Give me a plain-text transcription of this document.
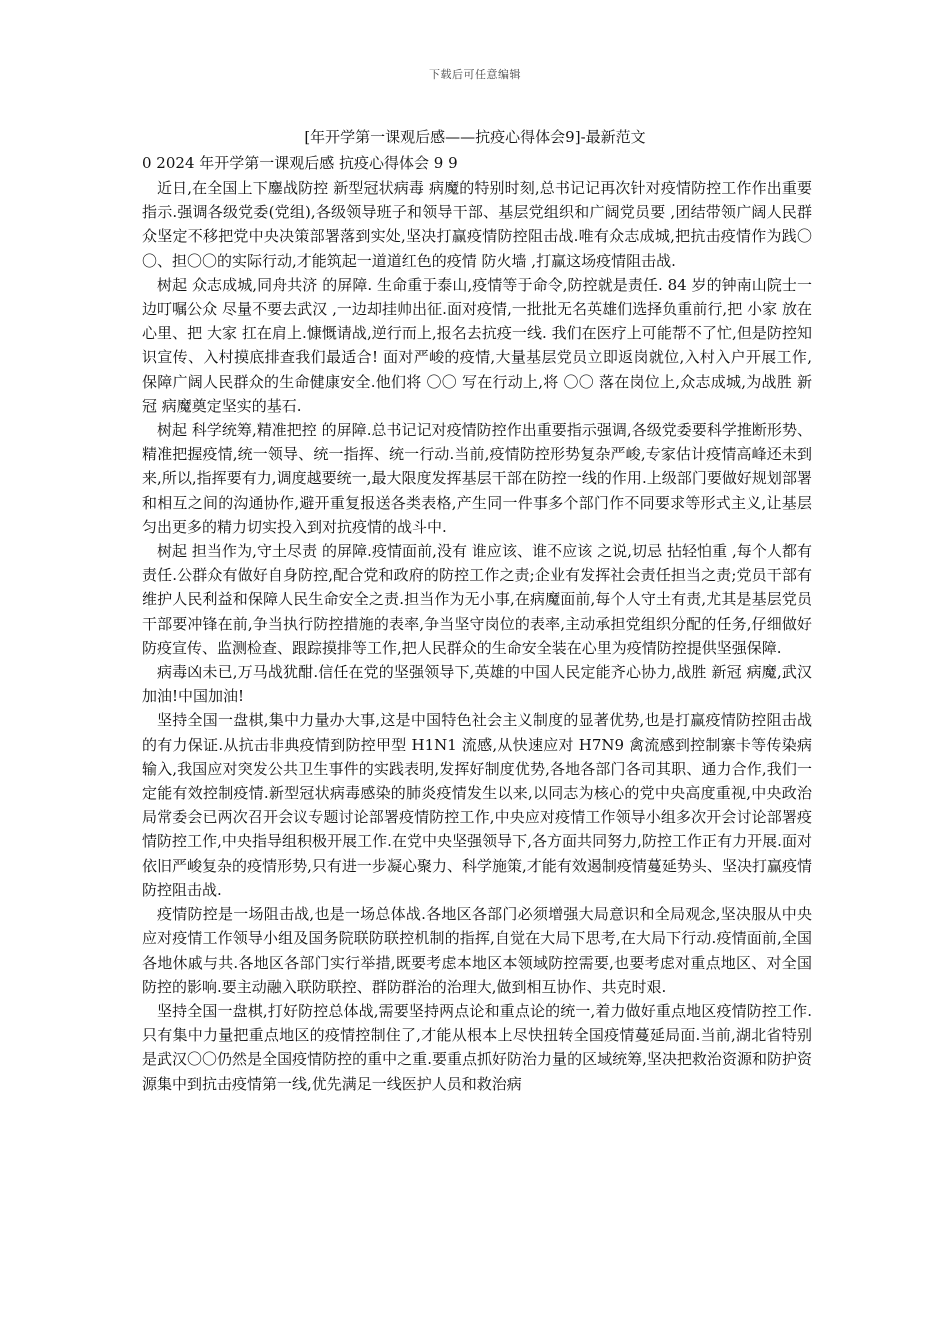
下载后可任意编辑
[年开学第一课观后感——抗疫心得体会9]-最新范文
0 2024 年开学第一课观后感 抗疫心得体会 9 9

近日,在全国上下鏖战防控 新型冠状病毒 病魔的特别时刻,总书记记再次针对疫情防控工作作出重要指示.强调各级党委(党组),各级领导班子和领导干部、基层党组织和广阔党员要 ,团结带领广阔人民群众坚定不移把党中央决策部署落到实处,坚决打赢疫情防控阻击战.唯有众志成城,把抗击疫情作为践〇〇、担〇〇的实际行动,才能筑起一道道红色的疫情 防火墙 ,打赢这场疫情阻击战.

树起 众志成城,同舟共济 的屏障. 生命重于泰山,疫情等于命令,防控就是责任. 84 岁的钟南山院士一边叮嘱公众 尽量不要去武汉 ,一边却挂帅出征.面对疫情,一批批无名英雄们选择负重前行,把 小家 放在心里、把 大家 扛在肩上.慷慨请战,逆行而上,报名去抗疫一线. 我们在医疗上可能帮不了忙,但是防控知识宣传、入村摸底排查我们最适合! 面对严峻的疫情,大量基层党员立即返岗就位,入村入户开展工作,保障广阔人民群众的生命健康安全.他们将 〇〇 写在行动上,将 〇〇 落在岗位上,众志成城,为战胜 新冠 病魔奠定坚实的基石.

树起 科学统筹,精准把控 的屏障.总书记记对疫情防控作出重要指示强调,各级党委要科学推断形势、精准把握疫情,统一领导、统一指挥、统一行动.当前,疫情防控形势复杂严峻,专家估计疫情高峰还未到来,所以,指挥要有力,调度越要统一,最大限度发挥基层干部在防控一线的作用.上级部门要做好规划部署和相互之间的沟通协作,避开重复报送各类表格,产生同一件事多个部门作不同要求等形式主义,让基层匀出更多的精力切实投入到对抗疫情的战斗中.

树起 担当作为,守土尽责 的屏障.疫情面前,没有 谁应该、谁不应该 之说,切忌 拈轻怕重 ,每个人都有责任.公群众有做好自身防控,配合党和政府的防控工作之责;企业有发挥社会责任担当之责;党员干部有维护人民利益和保障人民生命安全之责.担当作为无小事,在病魔面前,每个人守土有责,尤其是基层党员干部要冲锋在前,争当执行防控措施的表率,争当坚守岗位的表率,主动承担党组织分配的任务,仔细做好防疫宣传、监测检查、跟踪摸排等工作,把人民群众的生命安全装在心里为疫情防控提供坚强保障.

病毒凶未已,万马战犹酣.信任在党的坚强领导下,英雄的中国人民定能齐心协力,战胜 新冠 病魔,武汉加油!中国加油!

坚持全国一盘棋,集中力量办大事,这是中国特色社会主义制度的显著优势,也是打赢疫情防控阻击战的有力保证.从抗击非典疫情到防控甲型 H1N1 流感,从快速应对 H7N9 禽流感到控制寨卡等传染病输入,我国应对突发公共卫生事件的实践表明,发挥好制度优势,各地各部门各司其职、通力合作,我们一定能有效控制疫情.新型冠状病毒感染的肺炎疫情发生以来,以同志为核心的党中央高度重视,中央政治局常委会已两次召开会议专题讨论部署疫情防控工作,中央应对疫情工作领导小组多次开会讨论部署疫情防控工作,中央指导组积极开展工作.在党中央坚强领导下,各方面共同努力,防控工作正有力开展.面对依旧严峻复杂的疫情形势,只有进一步凝心聚力、科学施策,才能有效遏制疫情蔓延势头、坚决打赢疫情防控阻击战.

疫情防控是一场阻击战,也是一场总体战.各地区各部门必须增强大局意识和全局观念,坚决服从中央应对疫情工作领导小组及国务院联防联控机制的指挥,自觉在大局下思考,在大局下行动.疫情面前,全国各地休戚与共.各地区各部门实行举措,既要考虑本地区本领域防控需要,也要考虑对重点地区、对全国防控的影响.要主动融入联防联控、群防群治的治理大,做到相互协作、共克时艰.

坚持全国一盘棋,打好防控总体战,需要坚持两点论和重点论的统一,着力做好重点地区疫情防控工作.只有集中力量把重点地区的疫情控制住了,才能从根本上尽快扭转全国疫情蔓延局面.当前,湖北省特别是武汉〇〇仍然是全国疫情防控的重中之重.要重点抓好防治力量的区域统筹,坚决把救治资源和防护资源集中到抗击疫情第一线,优先满足一线医护人员和救治病
